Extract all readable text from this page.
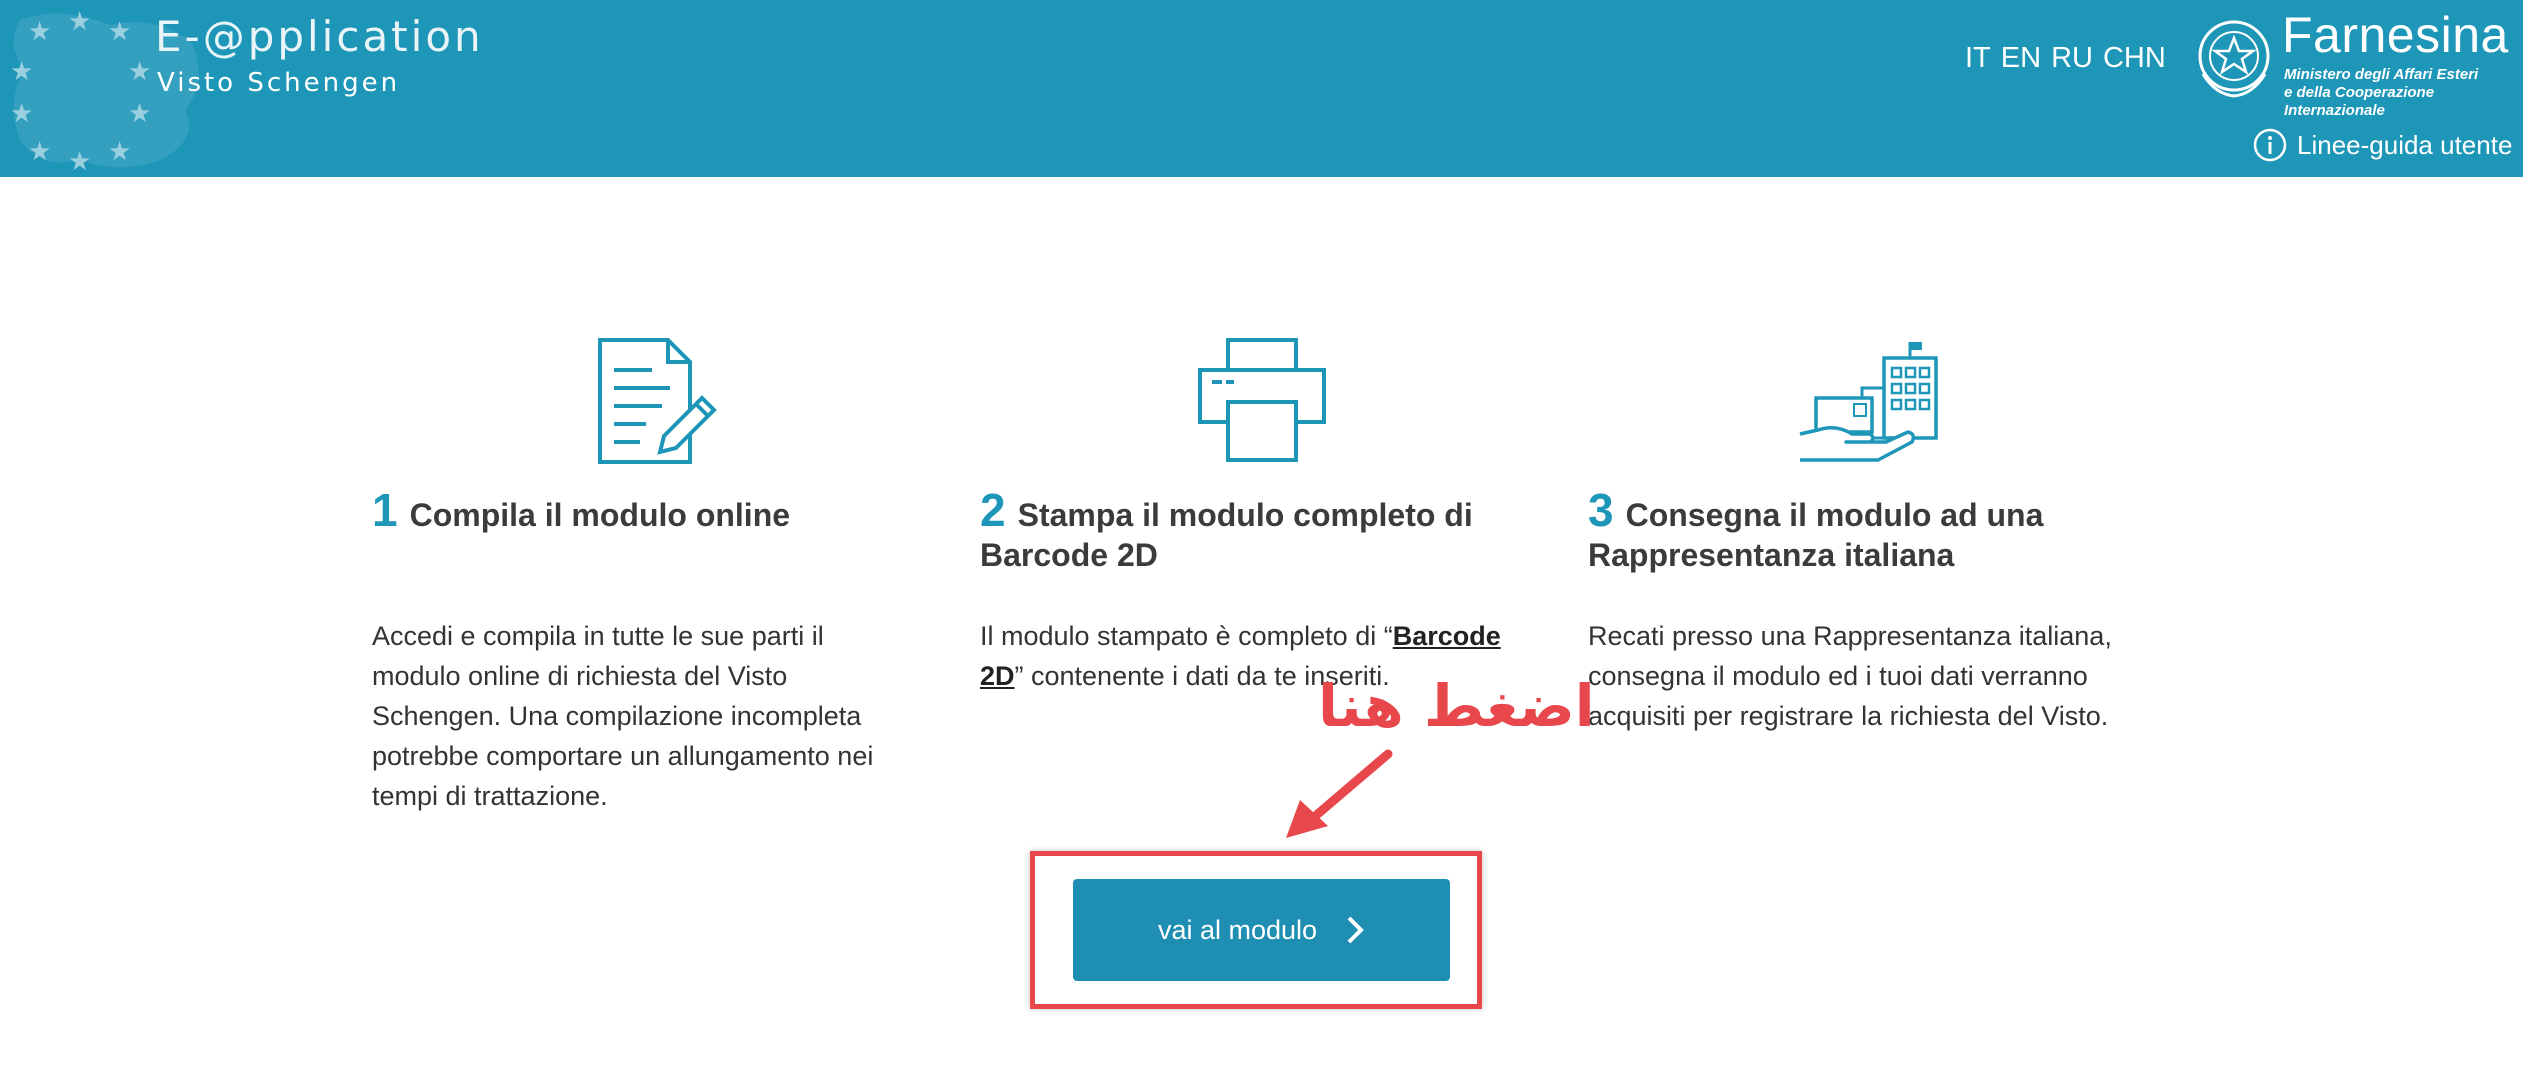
★ ★ ★
★	★
★	★
★ ★ ★
E-@pplication
Visto Schengen
IT EN RU CHN Farnesina
Ministero degli Affari Esteri
e della Cooperazione Internazionale
Linee-guida utente
1 Compila il modulo online
Accedi e compila in tutte le sue parti il modulo online di richiesta del Visto Schengen. Una compilazione incompleta potrebbe comportare un allungamento nei tempi di trattazione.
2 Stampa il modulo completo di Barcode 2D
Il modulo stampato è completo di “Barcode 2D” contenente i dati da te inseriti.
3 Consegna il modulo ad una Rappresentanza italiana
Recati presso una Rappresentanza italiana, consegna il modulo ed i tuoi dati verranno acquisiti per registrare la richiesta del Visto.
vai al modulo
اضغط هنا
